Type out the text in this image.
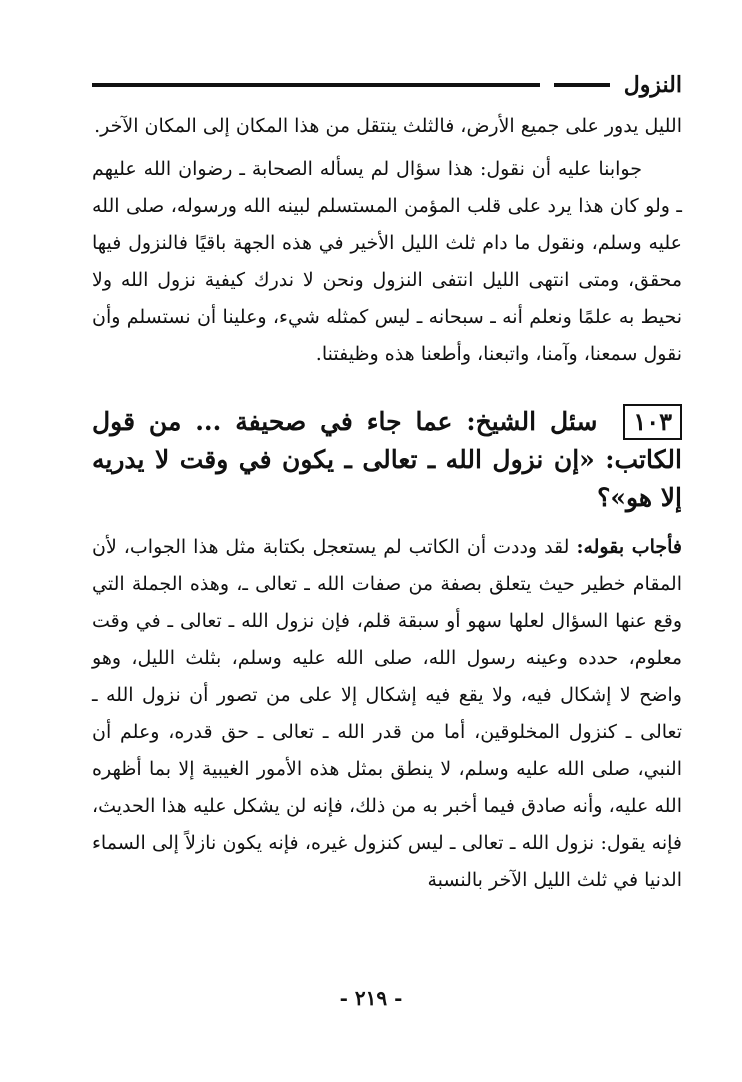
النزول

الليل يدور على جميع الأرض، فالثلث ينتقل من هذا المكان إلى المكان الآخر.

جوابنا عليه أن نقول: هذا سؤال لم يسأله الصحابة ـ رضوان الله عليهم ـ ولو كان هذا يرد على قلب المؤمن المستسلم لبينه الله ورسوله، صلى الله عليه وسلم، ونقول ما دام ثلث الليل الأخير في هذه الجهة باقيًا فالنزول فيها محقق، ومتى انتهى الليل انتفى النزول ونحن لا ندرك كيفية نزول الله ولا نحيط به علمًا ونعلم أنه ـ سبحانه ـ ليس كمثله شيء، وعلينا أن نستسلم وأن نقول سمعنا، وآمنا، واتبعنا، وأطعنا هذه وظيفتنا.

١٠٣ سئل الشيخ: عما جاء في صحيفة ... من قول الكاتب: «إن نزول الله ـ تعالى ـ يكون في وقت لا يدريه إلا هو»؟

فأجاب بقوله: لقد وددت أن الكاتب لم يستعجل بكتابة مثل هذا الجواب، لأن المقام خطير حيث يتعلق بصفة من صفات الله ـ تعالى ـ، وهذه الجملة التي وقع عنها السؤال لعلها سهو أو سبقة قلم، فإن نزول الله ـ تعالى ـ في وقت معلوم، حدده وعينه رسول الله، صلى الله عليه وسلم، بثلث الليل، وهو واضح لا إشكال فيه، ولا يقع فيه إشكال إلا على من تصور أن نزول الله ـ تعالى ـ كنزول المخلوقين، أما من قدر الله ـ تعالى ـ حق قدره، وعلم أن النبي، صلى الله عليه وسلم، لا ينطق بمثل هذه الأمور الغيبية إلا بما أظهره الله عليه، وأنه صادق فيما أخبر به من ذلك، فإنه لن يشكل عليه هذا الحديث، فإنه يقول: نزول الله ـ تعالى ـ ليس كنزول غيره، فإنه يكون نازلاً إلى السماء الدنيا في ثلث الليل الآخر بالنسبة

- ٢١٩ -
